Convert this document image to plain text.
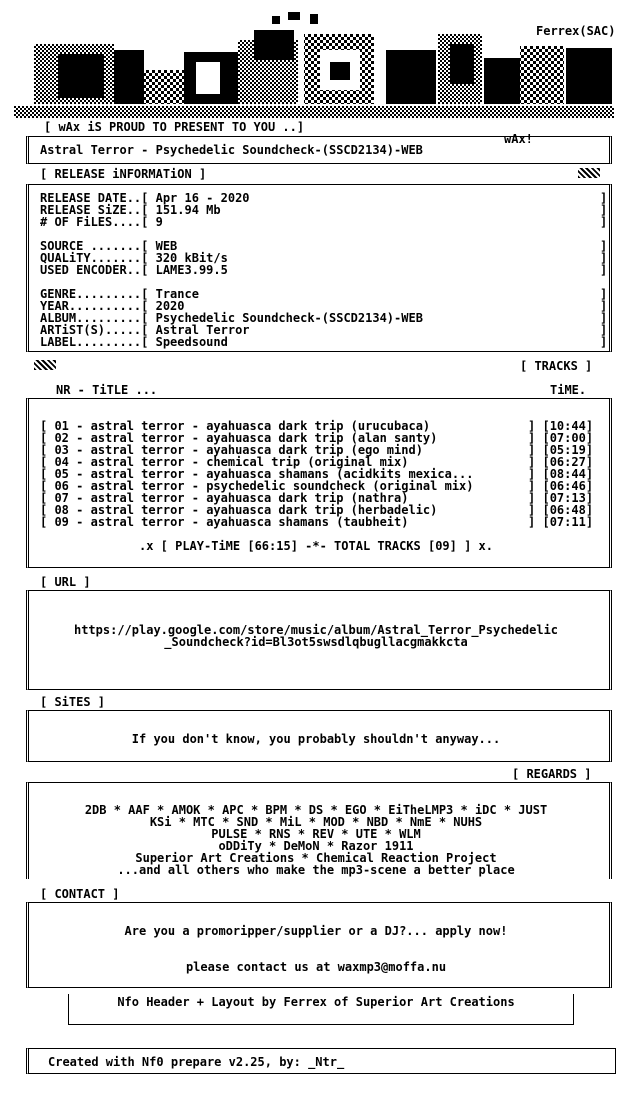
Ferrex(SAC)
[ wAx iS PROUD TO PRESENT TO YOU ..]
wAx!
Astral Terror - Psychedelic Soundcheck-(SSCD2134)-WEB
[ RELEASE iNFORMATiON ]
RELEASE DATE..[ Apr 16 - 2020	]
RELEASE SiZE..[ 151.94 Mb	]
# OF FiLES....[ 9	]
SOURCE .......[ WEB	]
QUALiTY.......[ 320 kBit/s	]
USED ENCODER..[ LAME3.99.5	]
GENRE.........[ Trance	]
YEAR..........[ 2020	]
ALBUM.........[ Psychedelic Soundcheck-(SSCD2134)-WEB	]
ARTiST(S).....[ Astral Terror	]
LABEL.........[ Speedsound	]
[ TRACKS ]
NR - TiTLE ...	TiME.
[ 01 - astral terror - ayahuasca dark trip (urucubaca)	] [10:44]
[ 02 - astral terror - ayahuasca dark trip (alan santy)	] [07:00]
[ 03 - astral terror - ayahuasca dark trip (ego mind)	] [05:19]
[ 04 - astral terror - chemical trip (original mix)	] [06:27]
[ 05 - astral terror - ayahuasca shamans (acidkits mexica...	] [08:44]
[ 06 - astral terror - psychedelic soundcheck (original mix)	] [06:46]
[ 07 - astral terror - ayahuasca dark trip (nathra)	] [07:13]
[ 08 - astral terror - ayahuasca dark trip (herbadelic)	] [06:48]
[ 09 - astral terror - ayahuasca shamans (taubheit)	] [07:11]
.x [ PLAY-TiME [66:15] -*- TOTAL TRACKS [09] ] x.
[ URL ]
https://play.google.com/store/music/album/Astral_Terror_Psychedelic
_Soundcheck?id=Bl3ot5swsdlqbugllacgmakkcta
[ SiTES ]
If you don't know, you probably shouldn't anyway...
[ REGARDS ]
2DB * AAF * AMOK * APC * BPM * DS * EGO * EiTheLMP3 * iDC * JUST
KSi * MTC * SND * MiL * MOD * NBD * NmE * NUHS
PULSE * RNS * REV * UTE * WLM
oDDiTy * DeMoN * Razor 1911
Superior Art Creations * Chemical Reaction Project
...and all others who make the mp3-scene a better place
[ CONTACT ]
Are you a promoripper/supplier or a DJ?... apply now!
please contact us at waxmp3@moffa.nu
Nfo Header + Layout by Ferrex of Superior Art Creations
Created with Nf0 prepare v2.25, by: _Ntr_
